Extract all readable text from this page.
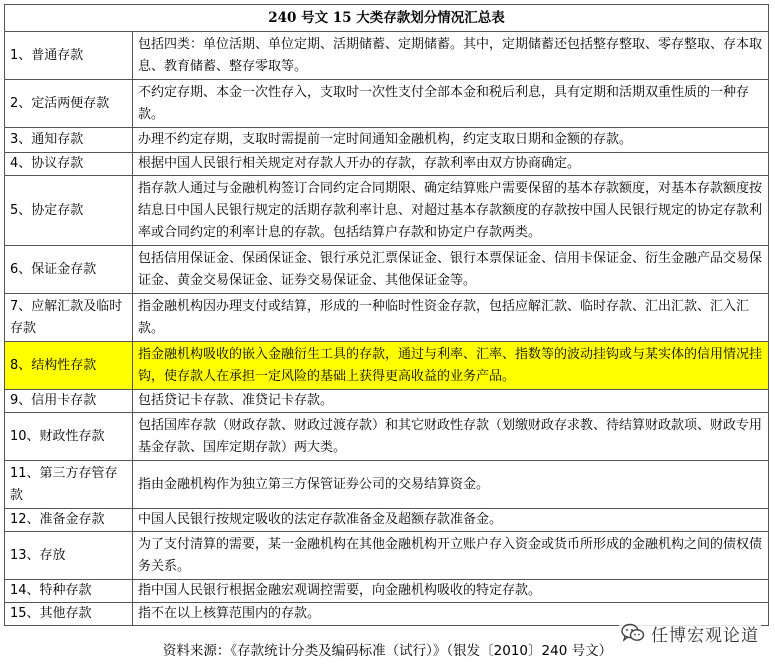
240 号文 15 大类存款划分情况汇总表	
1、普通存款	包括四类：单位活期、单位定期、活期储蓄、定期储蓄。其中，定期储蓄还包括整存整取、零存整取、存本取息、教育储蓄、整存零取等。
2、定活两便存款	不约定存期、本金一次性存入，支取时一次性支付全部本金和税后利息，具有定期和活期双重性质的一种存款。
3、通知存款	办理不约定存期，支取时需提前一定时间通知金融机构，约定支取日期和金额的存款。
4、协议存款	根据中国人民银行相关规定对存款人开办的存款，存款利率由双方协商确定。
5、协定存款	指存款人通过与金融机构签订合同约定合同期限、确定结算账户需要保留的基本存款额度，对基本存款额度按结息日中国人民银行规定的活期存款利率计息、对超过基本存款额度的存款按中国人民银行规定的协定存款利率或合同约定的利率计息的存款。包括结算户存款和协定户存款两类。
6、保证金存款	包括信用保证金、保函保证金、银行承兑汇票保证金、银行本票保证金、信用卡保证金、衍生金融产品交易保证金、黄金交易保证金、证券交易保证金、其他保证金等。
7、应解汇款及临时存款	指金融机构因办理支付或结算，形成的一种临时性资金存款，包括应解汇款、临时存款、汇出汇款、汇入汇款。
8、结构性存款	指金融机构吸收的嵌入金融衍生工具的存款，通过与利率、汇率、指数等的波动挂钩或与某实体的信用情况挂钩，使存款人在承担一定风险的基础上获得更高收益的业务产品。
9、信用卡存款	包括贷记卡存款、准贷记卡存款。
10、财政性存款	包括国库存款（财政存款、财政过渡存款）和其它财政性存款（划缴财政存求教、待结算财政款项、财政专用基金存款、国库定期存款）两大类。
11、第三方存管存款	指由金融机构作为独立第三方保管证券公司的交易结算资金。
12、准备金存款	中国人民银行按规定吸收的法定存款准备金及超额存款准备金。
13、存放	为了支付清算的需要，某一金融机构在其他金融机构开立账户存入资金或货币所形成的金融机构之间的债权债务关系。
14、特种存款	指中国人民银行根据金融宏观调控需要，向金融机构吸收的特定存款。
15、其他存款	指不在以上核算范围内的存款。
资料来源：《存款统计分类及编码标准（试行）》（银发〔2010〕240 号文）
任博宏观论道
